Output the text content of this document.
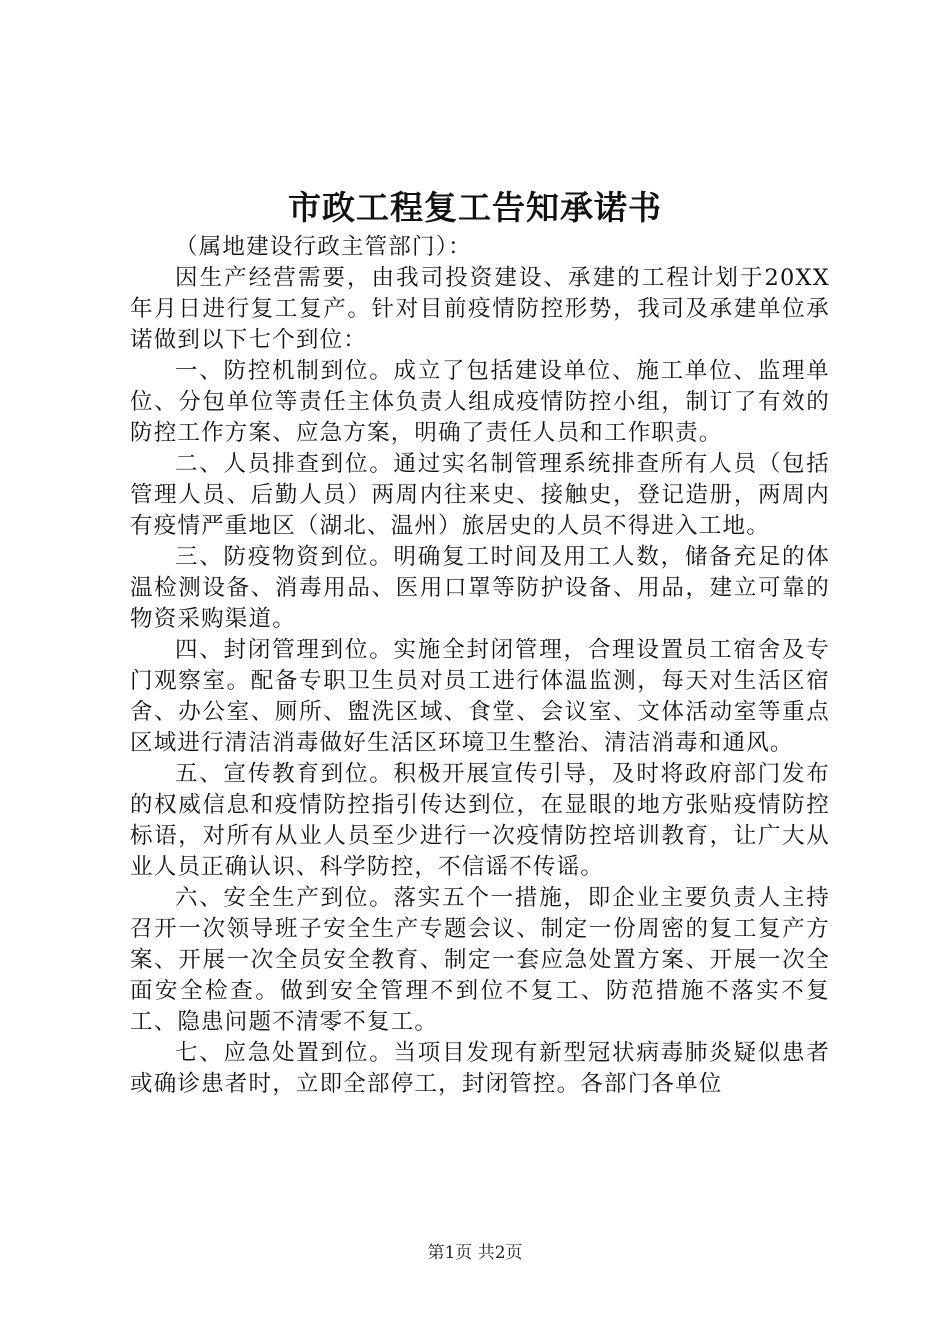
市政工程复工告知承诺书

（属地建设行政主管部门）：

因生产经营需要，由我司投资建设、承建的工程计划于20XX年月日进行复工复产。针对目前疫情防控形势，我司及承建单位承诺做到以下七个到位：

一、防控机制到位。成立了包括建设单位、施工单位、监理单位、分包单位等责任主体负责人组成疫情防控小组，制订了有效的防控工作方案、应急方案，明确了责任人员和工作职责。

二、人员排查到位。通过实名制管理系统排查所有人员（包括管理人员、后勤人员）两周内往来史、接触史，登记造册，两周内有疫情严重地区（湖北、温州）旅居史的人员不得进入工地。

三、防疫物资到位。明确复工时间及用工人数，储备充足的体温检测设备、消毒用品、医用口罩等防护设备、用品，建立可靠的物资采购渠道。

四、封闭管理到位。实施全封闭管理，合理设置员工宿舍及专门观察室。配备专职卫生员对员工进行体温监测，每天对生活区宿舍、办公室、厕所、盥洗区域、食堂、会议室、文体活动室等重点区域进行清洁消毒做好生活区环境卫生整治、清洁消毒和通风。

五、宣传教育到位。积极开展宣传引导，及时将政府部门发布的权威信息和疫情防控指引传达到位，在显眼的地方张贴疫情防控标语，对所有从业人员至少进行一次疫情防控培训教育，让广大从业人员正确认识、科学防控，不信谣不传谣。

六、安全生产到位。落实五个一措施，即企业主要负责人主持召开一次领导班子安全生产专题会议、制定一份周密的复工复产方案、开展一次全员安全教育、制定一套应急处置方案、开展一次全面安全检查。做到安全管理不到位不复工、防范措施不落实不复工、隐患问题不清零不复工。

七、应急处置到位。当项目发现有新型冠状病毒肺炎疑似患者或确诊患者时，立即全部停工，封闭管控。各部门各单位

第1页 共2页
